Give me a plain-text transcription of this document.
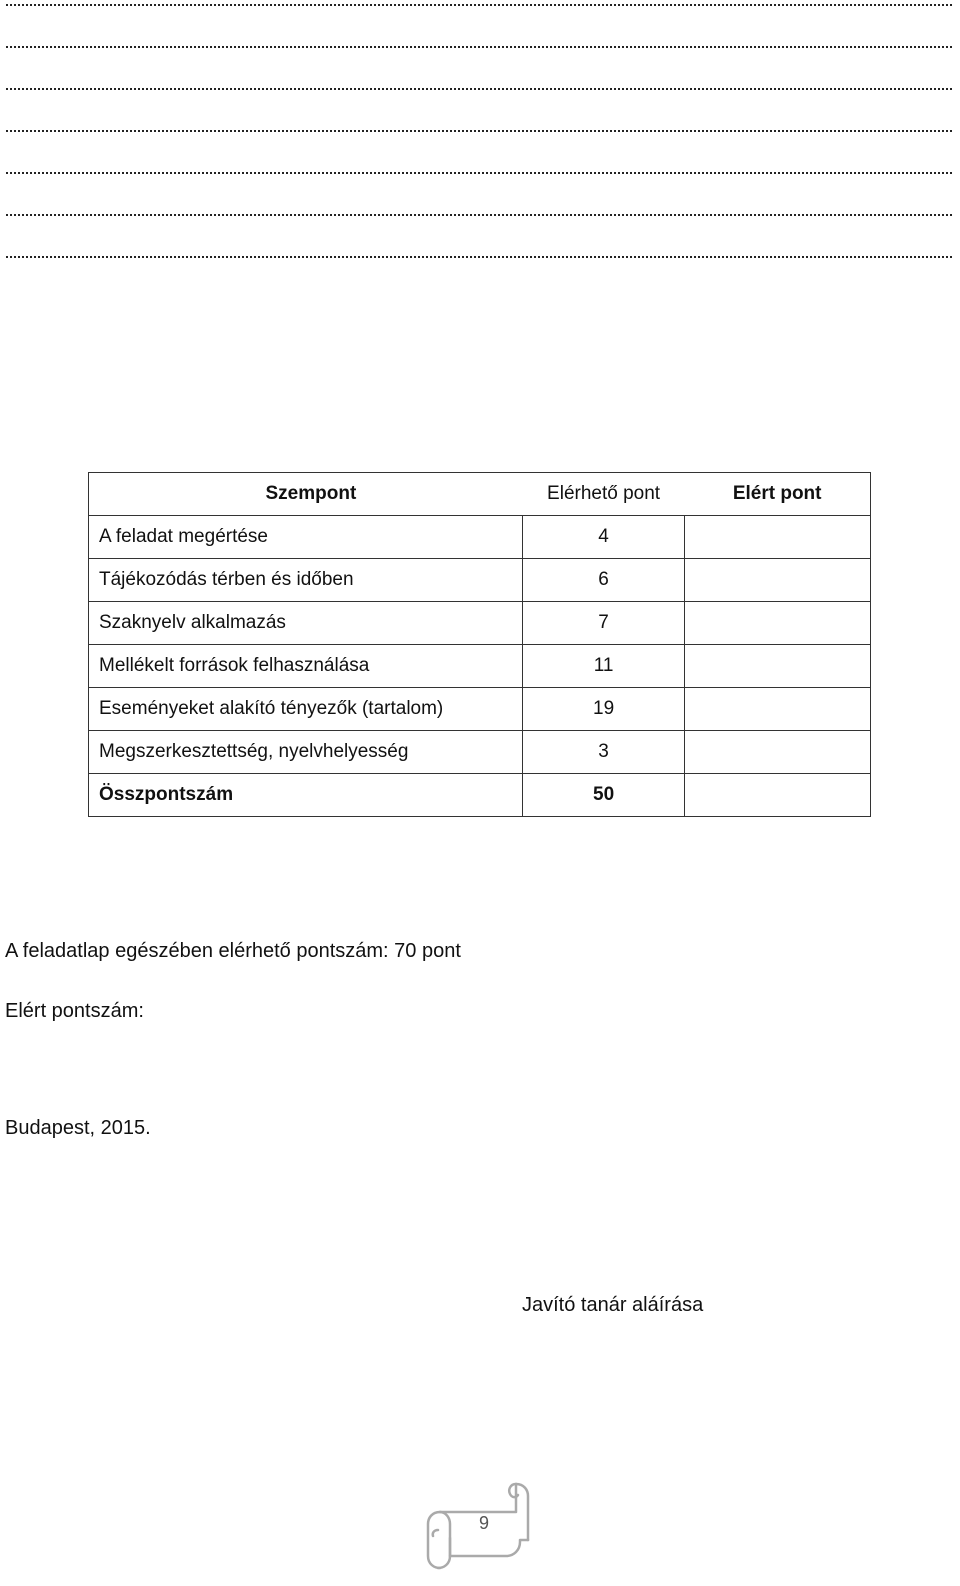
Szempont	Elérhető pont	Elért pont
A feladat megértése	4	
Tájékozódás térben és időben	6	
Szaknyelv alkalmazás	7	
Mellékelt források felhasználása	11	
Eseményeket alakító tényezők (tartalom)	19	
Megszerkesztettség, nyelvhelyesség	3	
Összpontszám	50	
A feladatlap egészében elérhető pontszám: 70 pont
Elért pontszám:
Budapest, 2015.
Javító tanár aláírása
9
